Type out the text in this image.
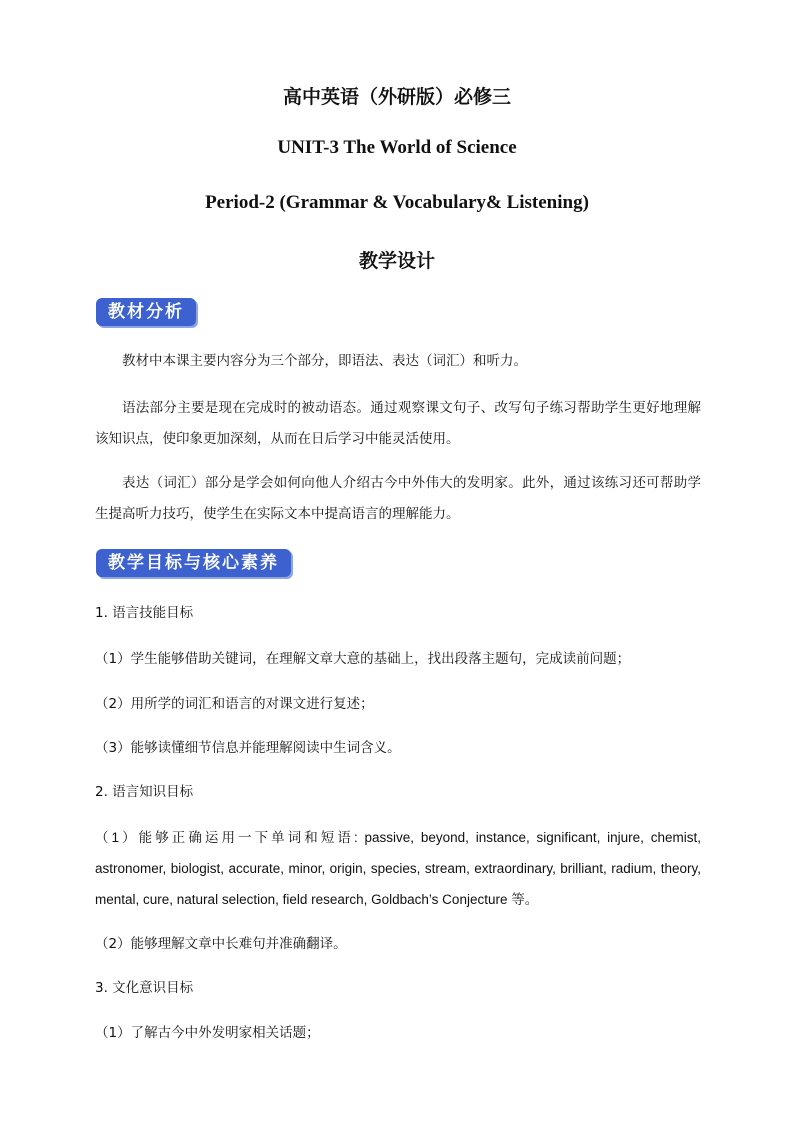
高中英语（外研版）必修三
UNIT-3 The World of Science
Period-2 (Grammar & Vocabulary& Listening)
教学设计
教材分析
教材中本课主要内容分为三个部分，即语法、表达（词汇）和听力。
语法部分主要是现在完成时的被动语态。通过观察课文句子、改写句子练习帮助学生更好地理解该知识点，使印象更加深刻，从而在日后学习中能灵活使用。
表达（词汇）部分是学会如何向他人介绍古今中外伟大的发明家。此外，通过该练习还可帮助学生提高听力技巧，使学生在实际文本中提高语言的理解能力。
教学目标与核心素养
1. 语言技能目标
（1）学生能够借助关键词，在理解文章大意的基础上，找出段落主题句，完成读前问题；
（2）用所学的词汇和语言的对课文进行复述；
（3）能够读懂细节信息并能理解阅读中生词含义。
2. 语言知识目标
（1）能够正确运用一下单词和短语: passive, beyond, instance, significant, injure, chemist, astronomer, biologist, accurate, minor, origin, species, stream, extraordinary, brilliant, radium, theory, mental, cure, natural selection, field research, Goldbach’s Conjecture 等。
（2）能够理解文章中长难句并准确翻译。
3. 文化意识目标
（1）了解古今中外发明家相关话题；
